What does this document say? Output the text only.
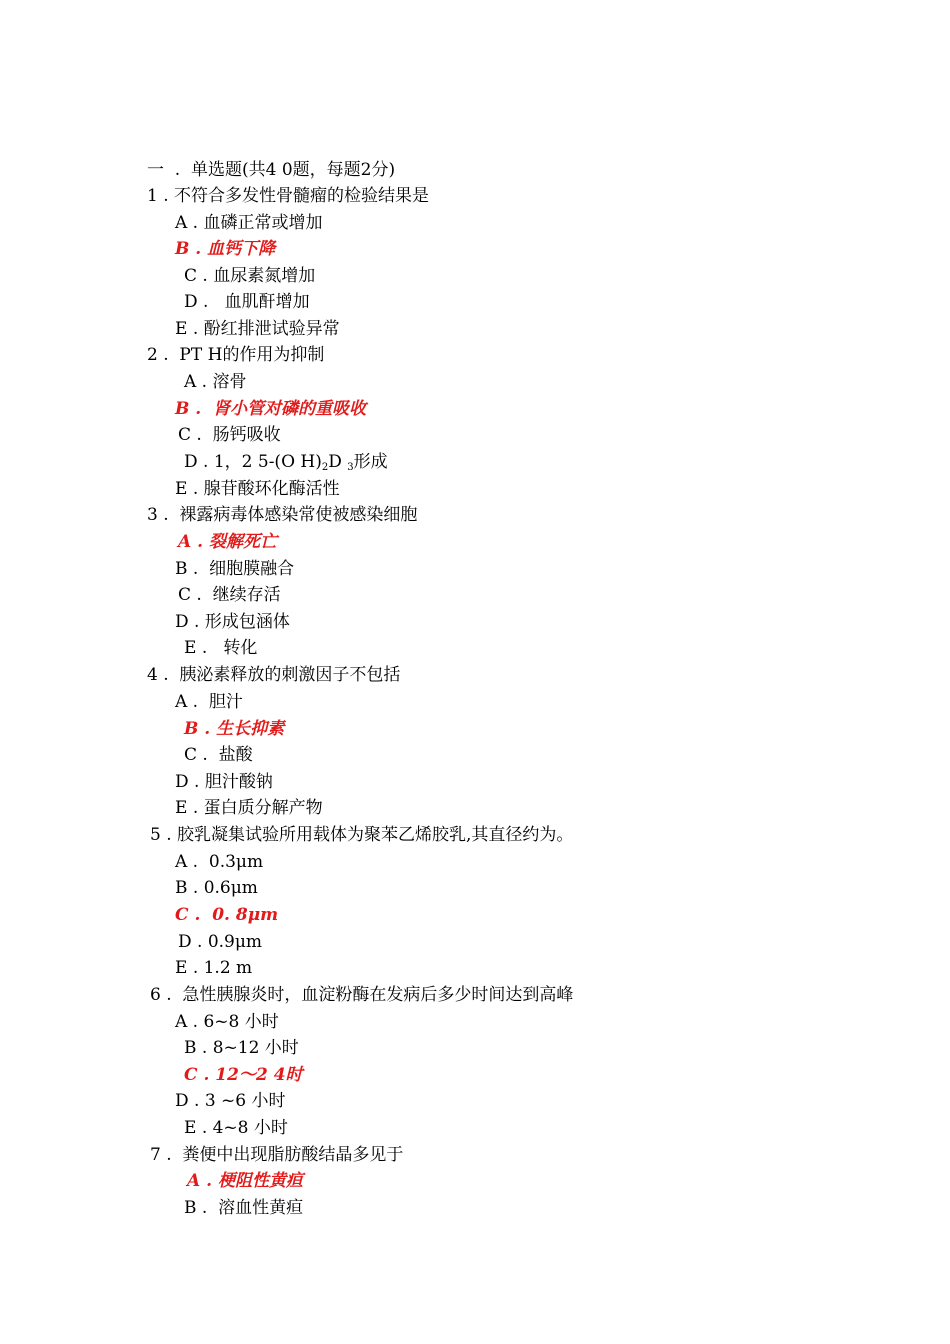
一  .  单选题(共4 0题，每题2分)
1 . 不符合多发性骨髓瘤的检验结果是
A . 血磷正常或增加
B . 血钙下降
C . 血尿素氮增加
D .   血肌酐增加
E . 酚红排泄试验异常
2 .  PT H的作用为抑制
A . 溶骨
B .  肾小管对磷的重吸收
C .  肠钙吸收
D . 1，2 5-(O $H)_2D$ $_3$形成
E . 腺苷酸环化酶活性
3 .  裸露病毒体感染常使被感染细胞
A . 裂解死亡
B .  细胞膜融合
C .  继续存活
D . 形成包涵体
E .   转化
4 .  胰泌素释放的刺激因子不包括
A .  胆汁
B . 生长抑素
C .  盐酸
D . 胆汁酸钠
E . 蛋白质分解产物
5 . 胶乳凝集试验所用载体为聚苯乙烯胶乳,其直径约为。
A .  0.3μm
B . 0.6μm
C .  0. 8μm
D . 0.9μm
E . 1.2 m
6 .  急性胰腺炎时，血淀粉酶在发病后多少时间达到高峰
A . 6~8 小时
B . 8~12 小时
C . 12～2 4时
D . 3 ~6 小时
E . 4~8 小时
7 .  粪便中出现脂肪酸结晶多见于
A . 梗阻性黄疸
B .  溶血性黄疸
